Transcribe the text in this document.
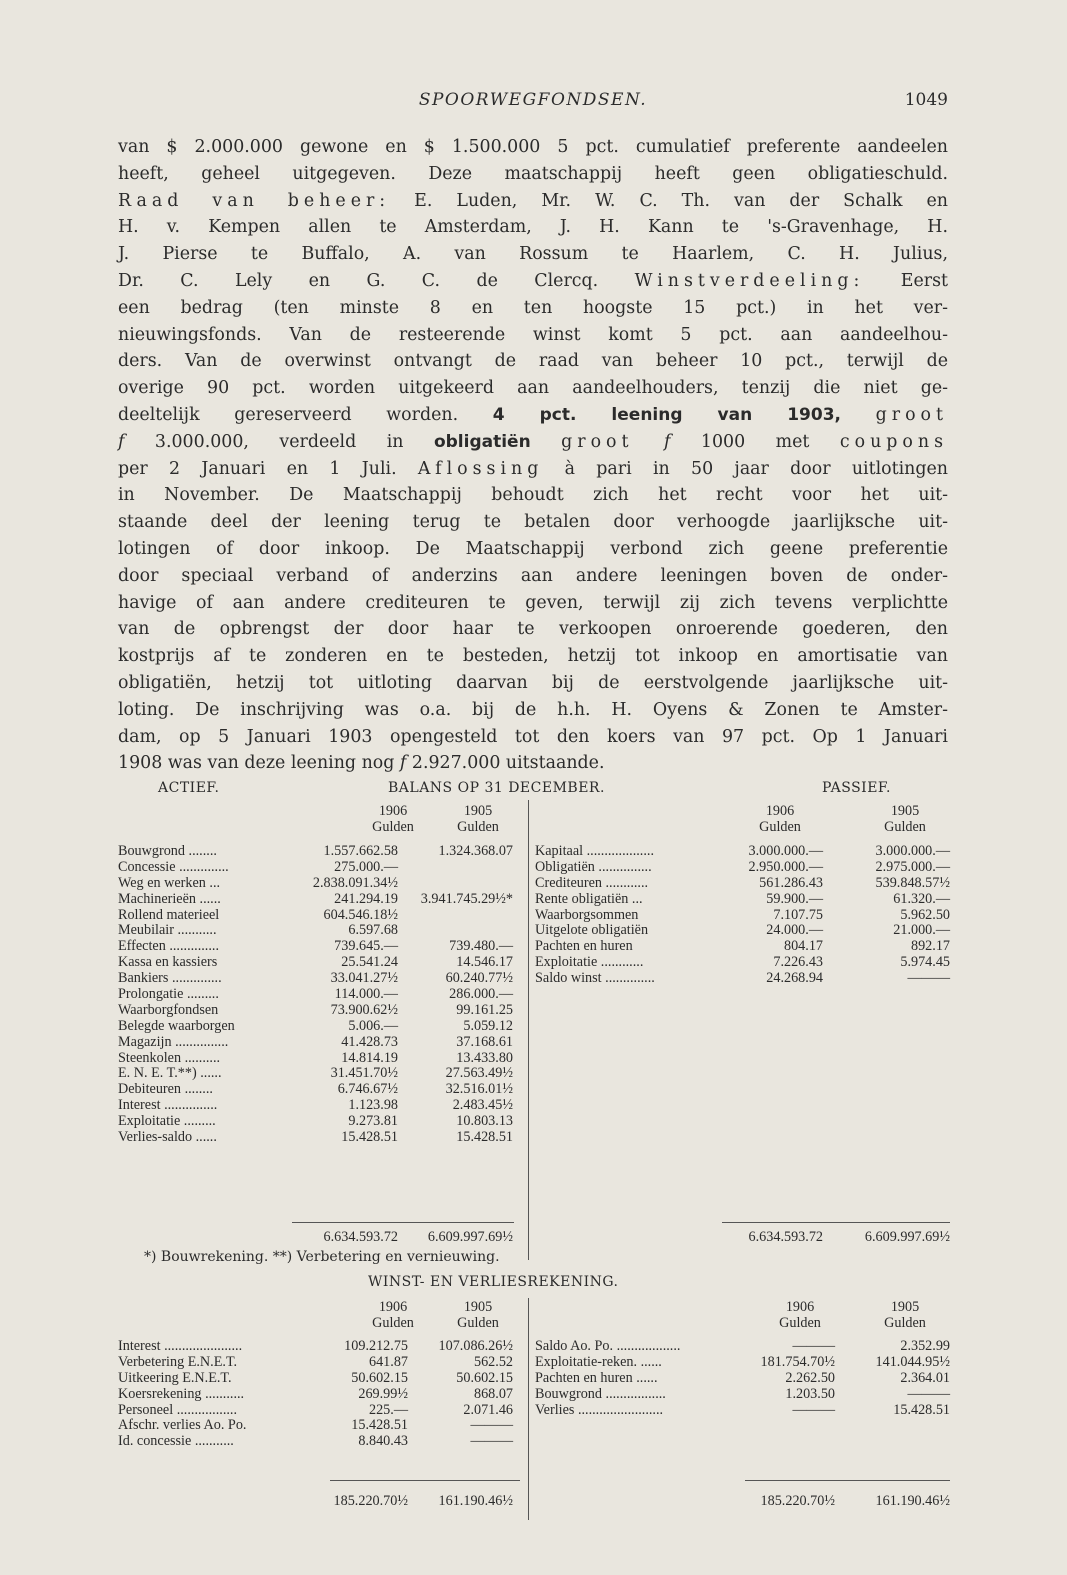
SPOORWEGFONDSEN.	1049
van $ 2.000.000 gewone en $ 1.500.000 5 pct. cumulatief preferente aandeelen
heeft, geheel uitgegeven. Deze maatschappij heeft geen obligatieschuld.
Raad van beheer: E. Luden, Mr. W. C. Th. van der Schalk en
H. v. Kempen allen te Amsterdam, J. H. Kann te 's-Gravenhage, H.
J. Pierse te Buffalo, A. van Rossum te Haarlem, C. H. Julius,
Dr. C. Lely en G. C. de Clercq. Winstverdeeling: Eerst
een bedrag (ten minste 8 en ten hoogste 15 pct.) in het ver-
nieuwingsfonds. Van de resteerende winst komt 5 pct. aan aandeelhou-
ders. Van de overwinst ontvangt de raad van beheer 10 pct., terwijl de
overige 90 pct. worden uitgekeerd aan aandeelhouders, tenzij die niet ge-
deeltelijk gereserveerd worden. 4 pct. leening van 1903, groot
f 3.000.000, verdeeld in obligatiën groot f 1000 met coupons
per 2 Januari en 1 Juli. Aflossing à pari in 50 jaar door uitlotingen
in November. De Maatschappij behoudt zich het recht voor het uit-
staande deel der leening terug te betalen door verhoogde jaarlijksche uit-
lotingen of door inkoop. De Maatschappij verbond zich geene preferentie
door speciaal verband of anderzins aan andere leeningen boven de onder-
havige of aan andere crediteuren te geven, terwijl zij zich tevens verplichtte
van de opbrengst der door haar te verkoopen onroerende goederen, den
kostprijs af te zonderen en te besteden, hetzij tot inkoop en amortisatie van
obligatiën, hetzij tot uitloting daarvan bij de eerstvolgende jaarlijksche uit-
loting. De inschrijving was o.a. bij de h.h. H. Oyens & Zonen te Amster-
dam, op 5 Januari 1903 opengesteld tot den koers van 97 pct. Op 1 Januari
1908 was van deze leening nog f 2.927.000 uitstaande.
ACTIEF.	BALANS OP 31 DECEMBER.	PASSIEF.
1906	1905
Gulden	Gulden
Bouwgrond ........	1.557.662.58	1.324.368.07
Concessie ..............	275.000.—
Weg en werken ...	2.838.091.34½
Machinerieën ......	241.294.19	3.941.745.29½*
Rollend materieel	604.546.18½
Meubilair ...........	6.597.68
Effecten ..............	739.645.—	739.480.—
Kassa en kassiers	25.541.24	14.546.17
Bankiers ..............	33.041.27½	60.240.77½
Prolongatie .........	114.000.—	286.000.—
Waarborgfondsen	73.900.62½	99.161.25
Belegde waarborgen	5.006.—	5.059.12
Magazijn ...............	41.428.73	37.168.61
Steenkolen ..........	14.814.19	13.433.80
E. N. E. T.**) ......	31.451.70½	27.563.49½
Debiteuren ........	6.746.67½	32.516.01½
Interest ...............	1.123.98	2.483.45½
Exploitatie .........	9.273.81	10.803.13
Verlies-saldo ......	15.428.51	15.428.51
1906	1905
Gulden	Gulden
Kapitaal ...................	3.000.000.—	3.000.000.—
Obligatiën ...............	2.950.000.—	2.975.000.—
Crediteuren ............	561.286.43	539.848.57½
Rente obligatiën ...	59.900.—	61.320.—
Waarborgsommen	7.107.75	5.962.50
Uitgelote obligatiën	24.000.—	21.000.—
Pachten en huren	804.17	892.17
Exploitatie ............	7.226.43	5.974.45
Saldo winst ..............	24.268.94	———
6.634.593.72	6.609.997.69½	6.634.593.72	6.609.997.69½
*) Bouwrekening. **) Verbetering en vernieuwing.
WINST- EN VERLIESREKENING.
1906	1905
Gulden	Gulden
Interest ......................	109.212.75	107.086.26½
Verbetering E.N.E.T.	641.87	562.52
Uitkeering E.N.E.T.	50.602.15	50.602.15
Koersrekening ...........	269.99½	868.07
Personeel .................	225.—	2.071.46
Afschr. verlies Ao. Po.	15.428.51	———
Id. concessie ...........	8.840.43	———
1906	1905
Gulden	Gulden
Saldo Ao. Po. ..................	———	2.352.99
Exploitatie-reken. ......	181.754.70½	141.044.95½
Pachten en huren ......	2.262.50	2.364.01
Bouwgrond .................	1.203.50	———
Verlies ........................	———	15.428.51
185.220.70½	161.190.46½	185.220.70½	161.190.46½
